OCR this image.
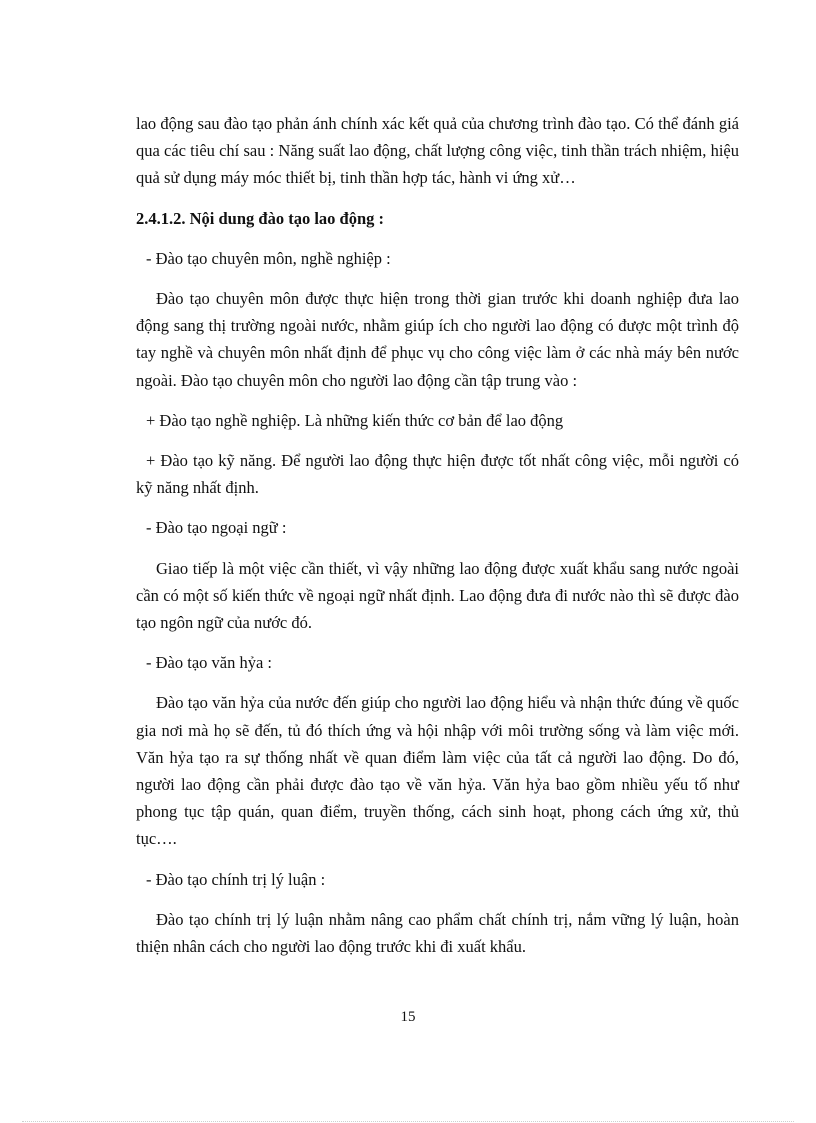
lao động sau đào tạo phản ánh chính xác kết quả của chương trình đào tạo. Có thể đánh giá qua các tiêu chí sau : Năng suất lao động, chất lượng công việc, tinh thần trách nhiệm, hiệu quả sử dụng máy móc thiết bị, tinh thần hợp tác, hành vi ứng xử…

2.4.1.2. Nội dung đào tạo lao động :

- Đào tạo chuyên môn, nghề nghiệp :

Đào tạo chuyên môn được thực hiện trong thời gian trước khi doanh nghiệp đưa lao động sang thị trường ngoài nước, nhằm giúp ích cho người lao động có được một trình độ tay nghề và chuyên môn nhất định để phục vụ cho công việc làm ở các nhà máy bên nước ngoài. Đào tạo chuyên môn cho người lao động cần tập trung vào :

+ Đào tạo nghề nghiệp. Là những kiến thức cơ bản để lao động

+ Đào tạo kỹ năng. Để người lao động thực hiện được tốt nhất công việc, mỗi người có kỹ năng nhất định.

- Đào tạo ngoại ngữ :

Giao tiếp là một việc cần thiết, vì vậy những lao động được xuất khẩu sang nước ngoài cần có một số kiến thức về ngoại ngữ nhất định. Lao động đưa đi nước nào thì sẽ được đào tạo ngôn ngữ của nước đó.

- Đào tạo văn hỷa :

Đào tạo văn hỷa của nước đến giúp cho người lao động hiểu và nhận thức đúng về quốc gia nơi mà họ sẽ đến, tủ đó thích ứng và hội nhập với môi trường sống và làm việc mới. Văn hỷa tạo ra sự thống nhất về quan điểm làm việc của tất cả người lao động. Do đó, người lao động cần phải được đào tạo về văn hỷa. Văn hỷa bao gồm nhiều yếu tố như phong tục tập quán, quan điểm, truyền thống, cách sinh hoạt, phong cách ứng xử, thủ tục….

- Đào tạo chính trị lý luận :

Đào tạo chính trị lý luận nhằm nâng cao phẩm chất chính trị, nắm vững lý luận, hoàn thiện nhân cách cho người lao động trước khi đi xuất khẩu.

15
